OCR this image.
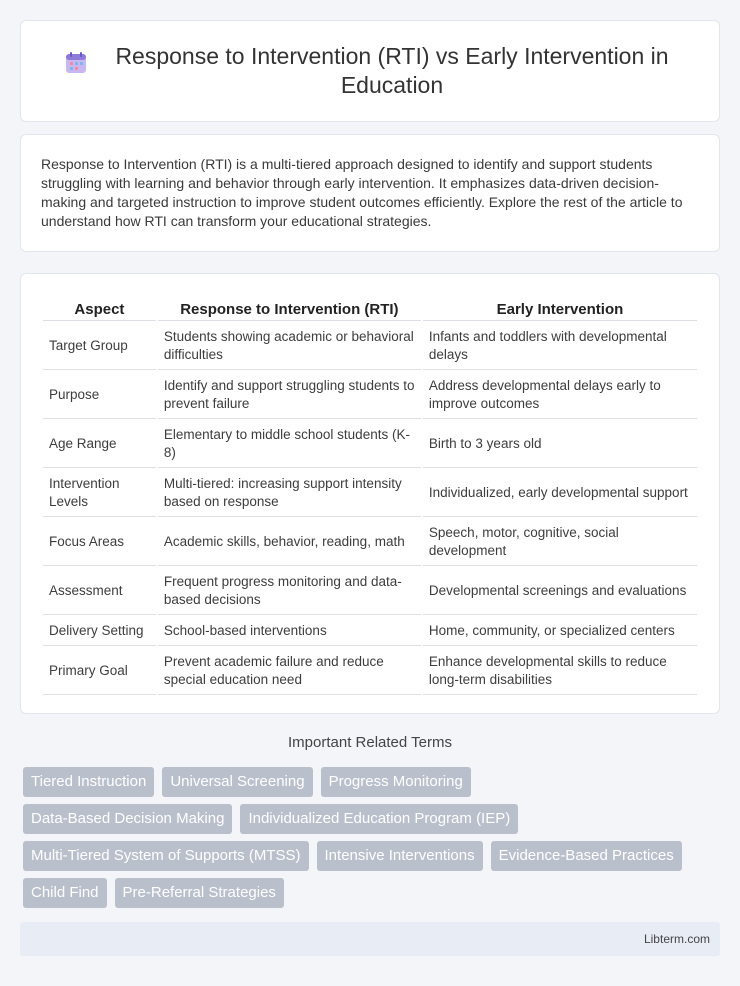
Response to Intervention (RTI) vs Early Intervention in Education

Response to Intervention (RTI) is a multi-tiered approach designed to identify and support students struggling with learning and behavior through early intervention. It emphasizes data-driven decision-making and targeted instruction to improve student outcomes efficiently. Explore the rest of the article to understand how RTI can transform your educational strategies.

Aspect	Response to Intervention (RTI)	Early Intervention
Target Group	Students showing academic or behavioral difficulties	Infants and toddlers with developmental delays
Purpose	Identify and support struggling students to prevent failure	Address developmental delays early to improve outcomes
Age Range	Elementary to middle school students (K-8)	Birth to 3 years old
Intervention Levels	Multi-tiered: increasing support intensity based on response	Individualized, early developmental support
Focus Areas	Academic skills, behavior, reading, math	Speech, motor, cognitive, social development
Assessment	Frequent progress monitoring and data-based decisions	Developmental screenings and evaluations
Delivery Setting	School-based interventions	Home, community, or specialized centers
Primary Goal	Prevent academic failure and reduce special education need	Enhance developmental skills to reduce long-term disabilities
Important Related Terms
Tiered Instruction	Universal Screening	Progress Monitoring
Data-Based Decision Making	Individualized Education Program (IEP)
Multi-Tiered System of Supports (MTSS)	Intensive Interventions	Evidence-Based Practices
Child Find	Pre-Referral Strategies
Libterm.com
